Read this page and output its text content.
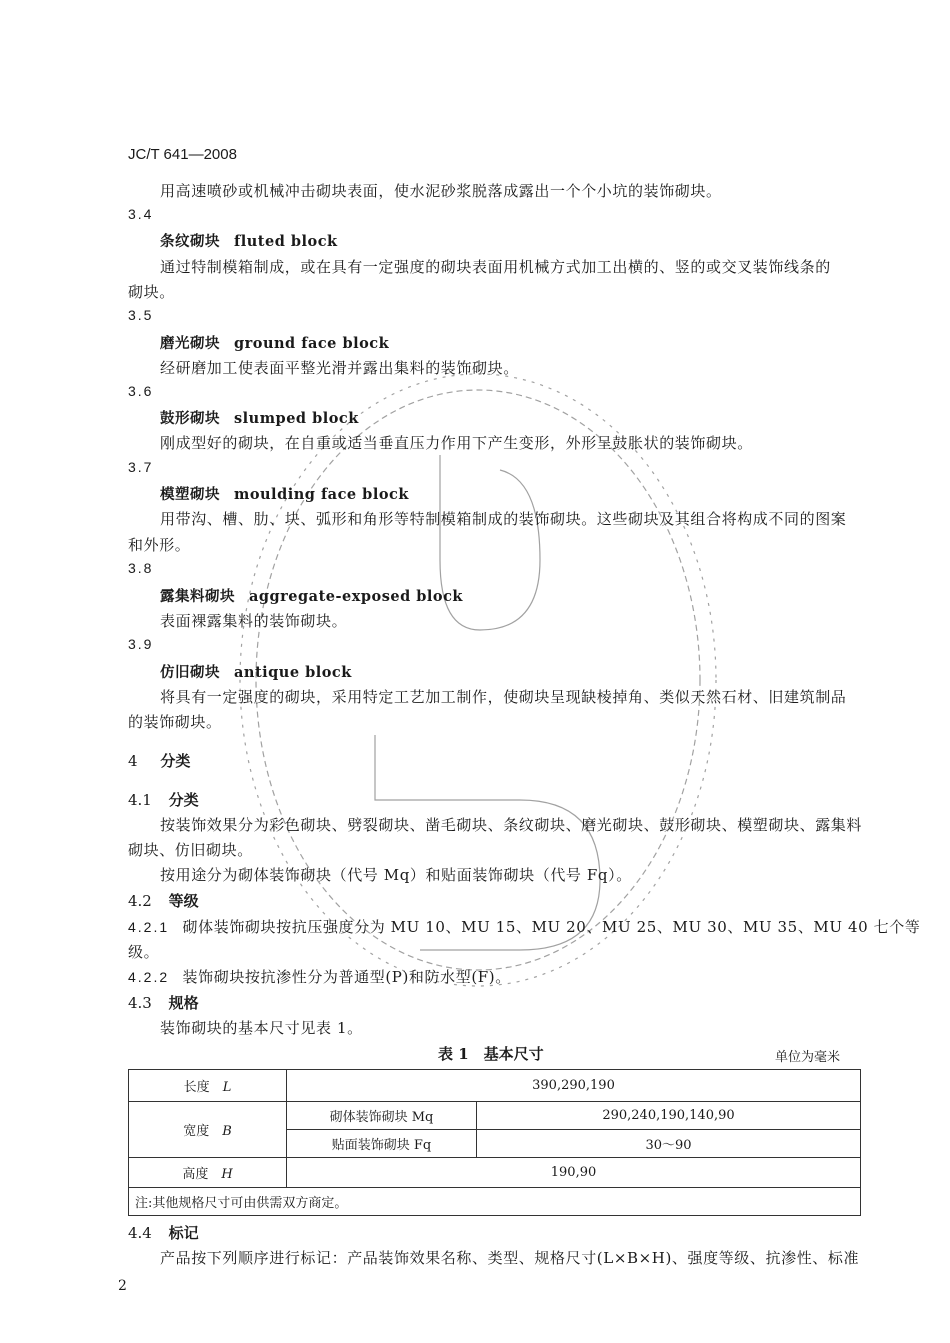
JC/T 641—2008
用高速喷砂或机械冲击砌块表面，使水泥砂浆脱落成露出一个个小坑的装饰砌块。
3.4
条纹砌块 fluted block
通过特制模箱制成，或在具有一定强度的砌块表面用机械方式加工出横的、竖的或交叉装饰线条的
砌块。
3.5
磨光砌块 ground face block
经研磨加工使表面平整光滑并露出集料的装饰砌块。
3.6
鼓形砌块 slumped block
刚成型好的砌块，在自重或适当垂直压力作用下产生变形，外形呈鼓胀状的装饰砌块。
3.7
模塑砌块 moulding face block
用带沟、槽、肋、块、弧形和角形等特制模箱制成的装饰砌块。这些砌块及其组合将构成不同的图案
和外形。
3.8
露集料砌块 aggregate-exposed block
表面裸露集料的装饰砌块。
3.9
仿旧砌块 antique block
将具有一定强度的砌块，采用特定工艺加工制作，使砌块呈现缺棱掉角、类似天然石材、旧建筑制品
的装饰砌块。
4 分类
4.1 分类
按装饰效果分为彩色砌块、劈裂砌块、凿毛砌块、条纹砌块、磨光砌块、鼓形砌块、模塑砌块、露集料
砌块、仿旧砌块。
按用途分为砌体装饰砌块（代号 Mq）和贴面装饰砌块（代号 Fq）。
4.2 等级
4.2.1 砌体装饰砌块按抗压强度分为 MU 10、MU 15、MU 20、MU 25、MU 30、MU 35、MU 40 七个等
级。
4.2.2 装饰砌块按抗渗性分为普通型(P)和防水型(F)。
4.3 规格
装饰砌块的基本尺寸见表 1。
表 1　基本尺寸	单位为毫米
长度　 L	390,290,190	
宽度　 B	砌体装饰砌块 Mq	290,240,190,140,90
	贴面装饰砌块 Fq	30～90
高度　 H	190,90	
注:其他规格尺寸可由供需双方商定。		
4.4 标记
产品按下列顺序进行标记：产品装饰效果名称、类型、规格尺寸(L×B×H)、强度等级、抗渗性、标准
2
